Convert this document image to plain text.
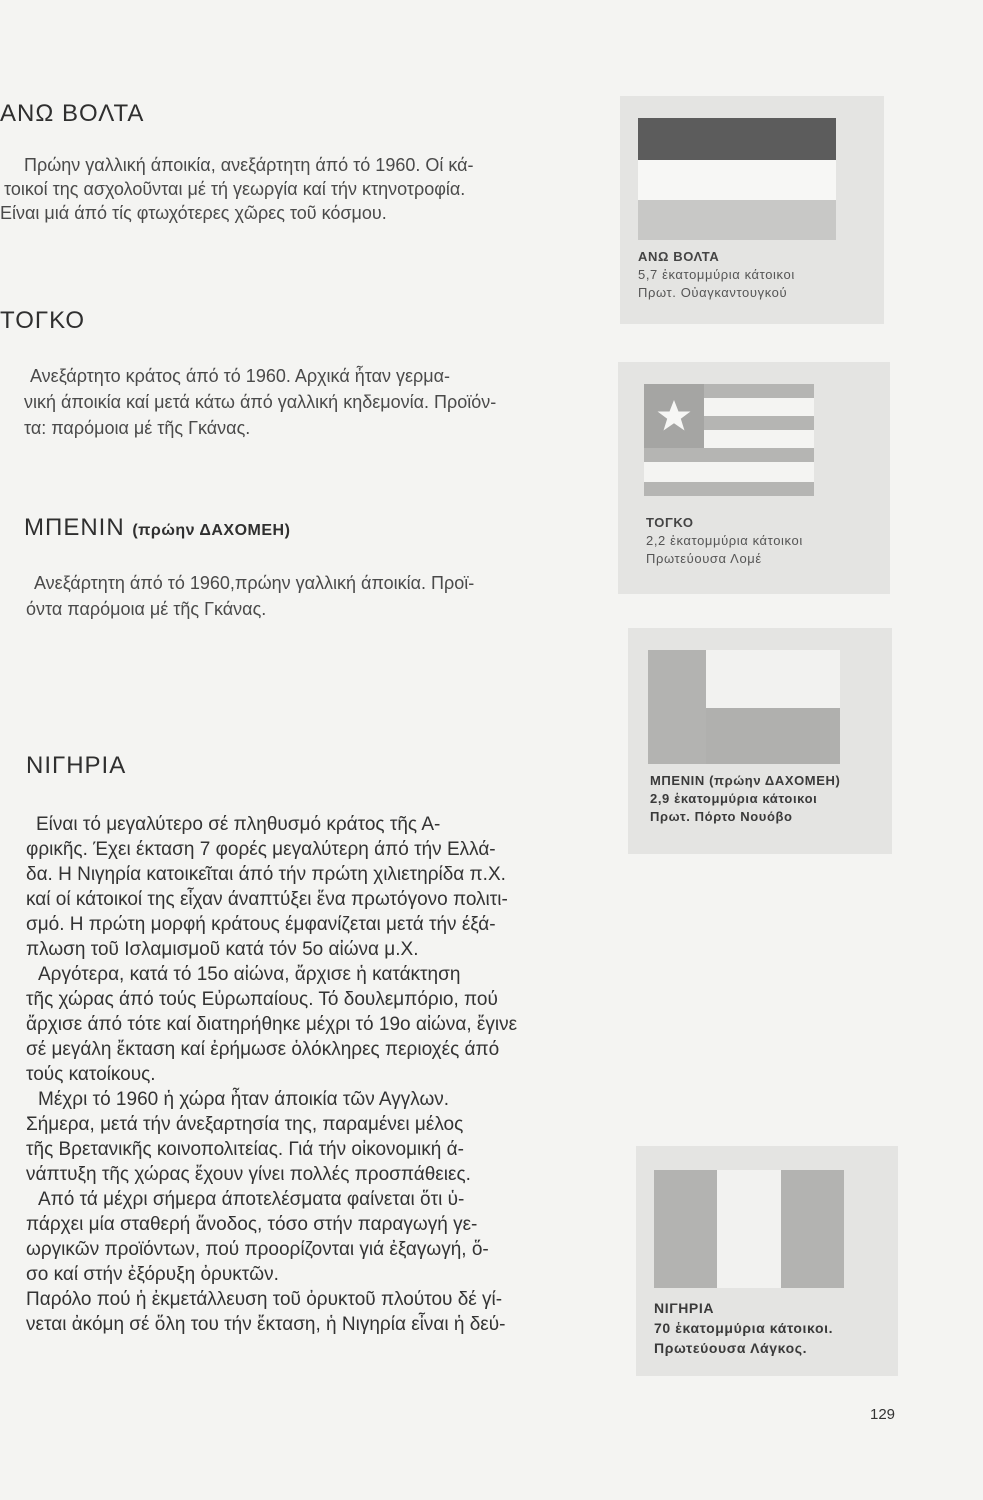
ΑΝΩ ΒΟΛΤΑ
Πρώην γαλλική άποικία, ανεξάρτητη άπό τό 1960. Οί κά-
τοικοί της ασχολοῦνται μέ τή γεωργία καί τήν κτηνοτροφία.
Είναι μιά άπό τίς φτωχότερες χῶρες τοῦ κόσμου.
ΤΟΓΚΟ
Ανεξάρτητο κράτος άπό τό 1960. Αρχικά ἦταν γερμα-
νική άποικία καί μετά κάτω άπό γαλλική κηδεμονία. Προϊόν-
τα: παρόμοια μέ τῆς Γκάνας.
ΜΠΕΝΙΝ (πρώην ΔΑΧΟΜΕΗ)
Ανεξάρτητη άπό τό 1960,πρώην γαλλική άποικία. Προϊ-
όντα παρόμοια μέ τῆς Γκάνας.
ΝΙΓΗΡΙΑ
Είναι τό μεγαλύτερο σέ πληθυσμό κράτος τῆς Α-
φρικῆς. Έχει έκταση 7 φορές μεγαλύτερη άπό τήν Ελλά-
δα. Η Νιγηρία κατοικεῖται άπό τήν πρώτη χιλιετηρίδα π.Χ.
καί οί κάτοικοί της εἶχαν άναπτύξει ἕνα πρωτόγονο πολιτι-
σμό. Η πρώτη μορφή κράτους έμφανίζεται μετά τήν έξά-
πλωση τοῦ Ισλαμισμοῦ κατά τόν 5ο αἰώνα μ.Χ.
Αργότερα, κατά τό 15ο αἰώνα, ἄρχισε ἡ κατάκτηση
τῆς χώρας άπό τούς Εὐρωπαίους. Τό δουλεμπόριο, πού
ἄρχισε άπό τότε καί διατηρήθηκε μέχρι τό 19ο αἰώνα, ἔγινε
σέ μεγάλη ἔκταση καί ἐρήμωσε ὁλόκληρες περιοχές άπό
τούς κατοίκους.
Μέχρι τό 1960 ἡ χώρα ἦταν άποικία τῶν Αγγλων.
Σήμερα, μετά τήν άνεξαρτησία της, παραμένει μέλος
τῆς Βρετανικῆς κοινοπολιτείας. Γιά τήν οἰκονομική ά-
νάπτυξη τῆς χώρας ἔχουν γίνει πολλές προσπάθειες.
Από τά μέχρι σήμερα άποτελέσματα φαίνεται ὅτι ὑ-
πάρχει μία σταθερή ἄνοδος, τόσο στήν παραγωγή γε-
ωργικῶν προϊόντων, πού προορίζονται γιά ἐξαγωγή, ὅ-
σο καί στήν ἐξόρυξη ὀρυκτῶν.
Παρόλο πού ἡ ἐκμετάλλευση τοῦ ὀρυκτοῦ πλούτου δέ γί-
νεται ἀκόμη σέ ὅλη του τήν ἔκταση, ἡ Νιγηρία εἶναι ἡ δεύ-
ΑΝΩ ΒΟΛΤΑ
5,7 ἑκατομμύρια κάτοικοι
Πρωτ. Οὐαγκαντουγκού
ΤΟΓΚΟ
2,2 ἑκατομμύρια κάτοικοι
Πρωτεύουσα Λομέ
ΜΠΕΝΙΝ (πρώην ΔΑΧΟΜΕΗ)
2,9 ἑκατομμύρια κάτοικοι
Πρωτ. Πόρτο Νουόβο
ΝΙΓΗΡΙΑ
70 ἑκατομμύρια κάτοικοι.
Πρωτεύουσα Λάγκος.
129
